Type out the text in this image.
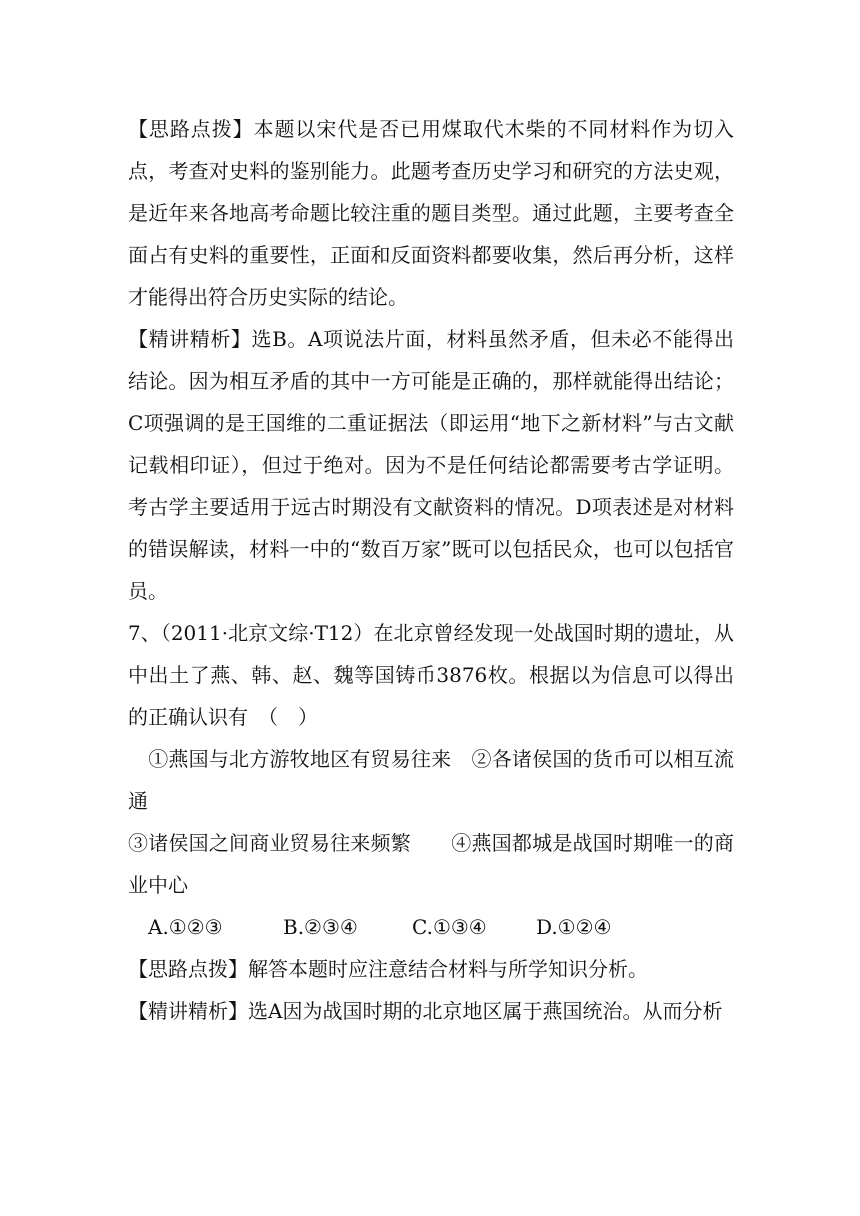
【思路点拨】本题以宋代是否已用煤取代木柴的不同材料作为切入点，考查对史料的鉴别能力。此题考查历史学习和研究的方法史观，是近年来各地高考命题比较注重的题目类型。通过此题，主要考查全面占有史料的重要性，正面和反面资料都要收集，然后再分析，这样才能得出符合历史实际的结论。

【精讲精析】选B。A项说法片面，材料虽然矛盾，但未必不能得出结论。因为相互矛盾的其中一方可能是正确的，那样就能得出结论；C项强调的是王国维的二重证据法（即运用“地下之新材料”与古文献记载相印证），但过于绝对。因为不是任何结论都需要考古学证明。考古学主要适用于远古时期没有文献资料的情况。D项表述是对材料的错误解读，材料一中的“数百万家”既可以包括民众，也可以包括官员。

7、（2011·北京文综·T12）在北京曾经发现一处战国时期的遗址，从中出土了燕、韩、赵、魏等国铸币3876枚。根据以为信息可以得出的正确认识有　（　）

　①燕国与北方游牧地区有贸易往来　②各诸侯国的货币可以相互流通

③诸侯国之间商业贸易往来频繁　　④燕国都城是战国时期唯一的商业中心

A.①②③	B.②③④	C.①③④ D.①②④

【思路点拨】解答本题时应注意结合材料与所学知识分析。

【精讲精析】选A因为战国时期的北京地区属于燕国统治。从而分析
